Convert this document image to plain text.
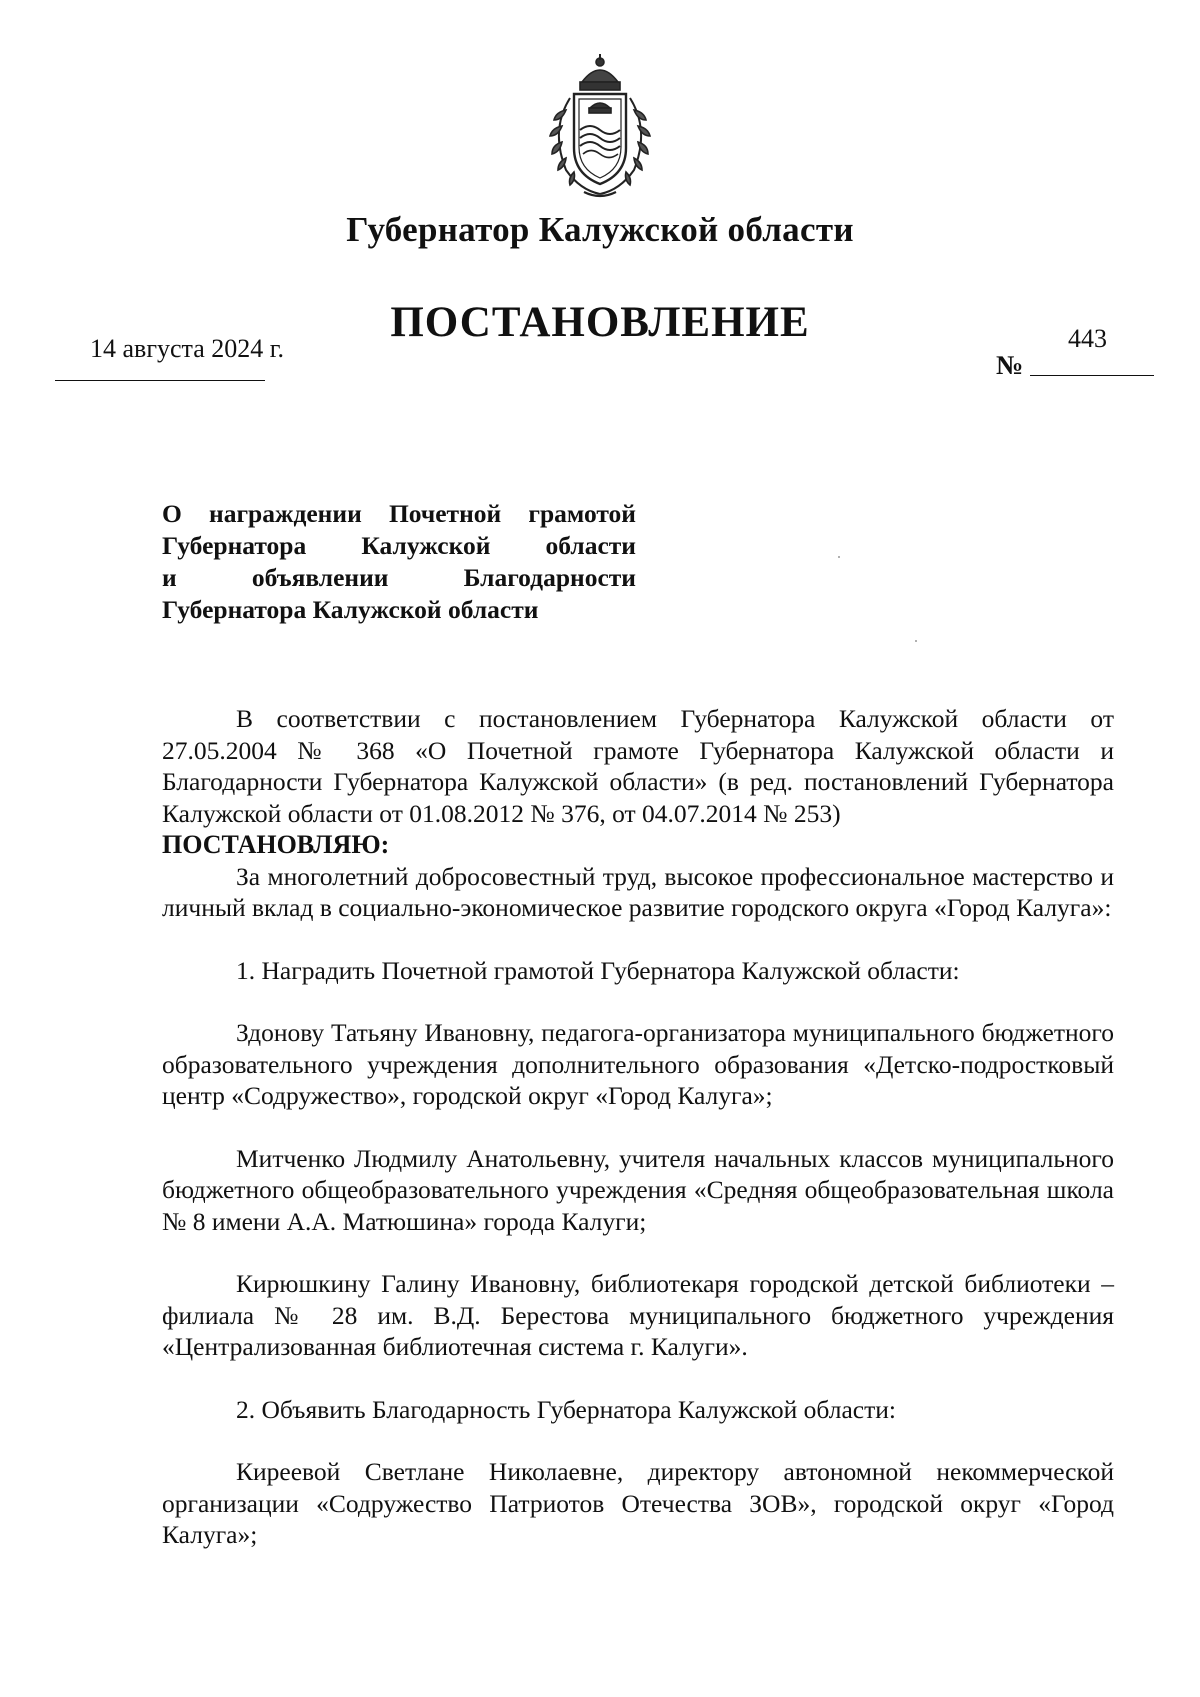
Губернатор Калужской области
ПОСТАНОВЛЕНИЕ
14 августа 2024 г.	443
№
О награждении Почетной грамотой
Губернатора Калужской области
и объявлении Благодарности
Губернатора Калужской области
В соответствии с постановлением Губернатора Калужской области от 27.05.2004 № 368 «О Почетной грамоте Губернатора Калужской области и Благодарности Губернатора Калужской области» (в ред. постановлений Губернатора Калужской области от 01.08.2012 № 376, от 04.07.2014 № 253)
ПОСТАНОВЛЯЮ:
За многолетний добросовестный труд, высокое профессиональное мастерство и личный вклад в социально-экономическое развитие городского округа «Город Калуга»:
1. Наградить Почетной грамотой Губернатора Калужской области:
Здонову Татьяну Ивановну, педагога-организатора муниципального бюджетного образовательного учреждения дополнительного образования «Детско-подростковый центр «Содружество», городской округ «Город Калуга»;
Митченко Людмилу Анатольевну, учителя начальных классов муниципального бюджетного общеобразовательного учреждения «Средняя общеобразовательная школа № 8 имени А.А. Матюшина» города Калуги;
Кирюшкину Галину Ивановну, библиотекаря городской детской библиотеки – филиала № 28 им. В.Д. Берестова муниципального бюджетного учреждения «Централизованная библиотечная система г. Калуги».
2. Объявить Благодарность Губернатора Калужской области:
Киреевой Светлане Николаевне, директору автономной некоммерческой организации «Содружество Патриотов Отечества ЗОВ», городской округ «Город Калуга»;
